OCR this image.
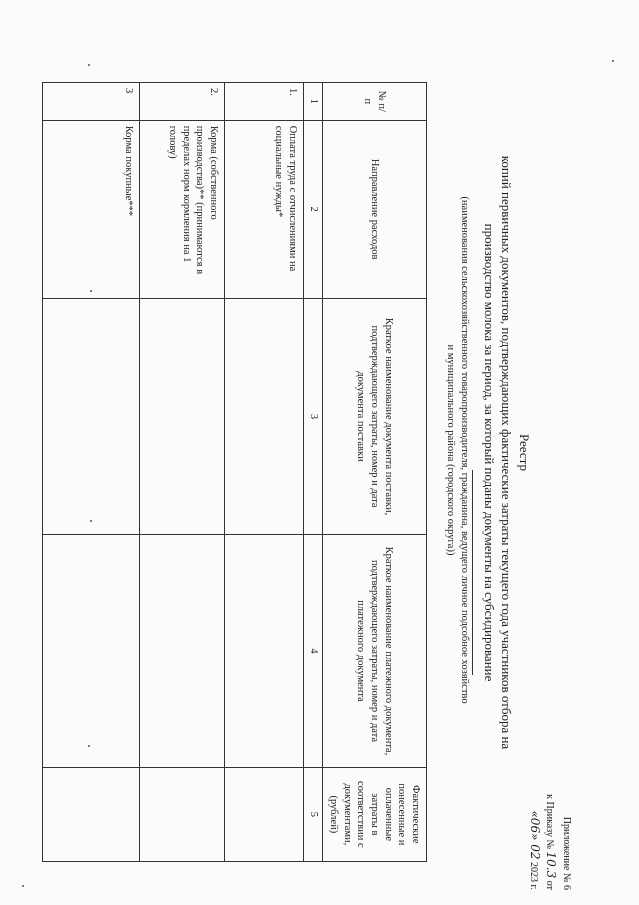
Приложение № 6
к Приказу № 10.3 от «06» 02 2023 г.
Реестр
копий первичных документов, подтверждающих фактические затраты текущего года участников отбора на
производство молока за период, за который поданы документы на субсидирование
(наименования сельскохозяйственного товаропроизводителя, гражданина, ведущего личное подсобное хозяйство
и муниципального района (городского округа))
№ п/п	Направление расходов	Краткое наименование документа поставки, подтверждающего затраты, номер и дата документа поставки	Краткое наименование платежного документа, подтверждающего затраты, номер и дата платежного документа	Фактические понесенные и оплаченные затраты в соответствии с документами, (рублей)
1	2	3	4	5
1.	Оплата труда с отчислениями на социальные нужды*			
2.	Корма (собственного производства)** (принимаются в пределах норм кормления на 1 голову)			
3	Корма покупные***			
